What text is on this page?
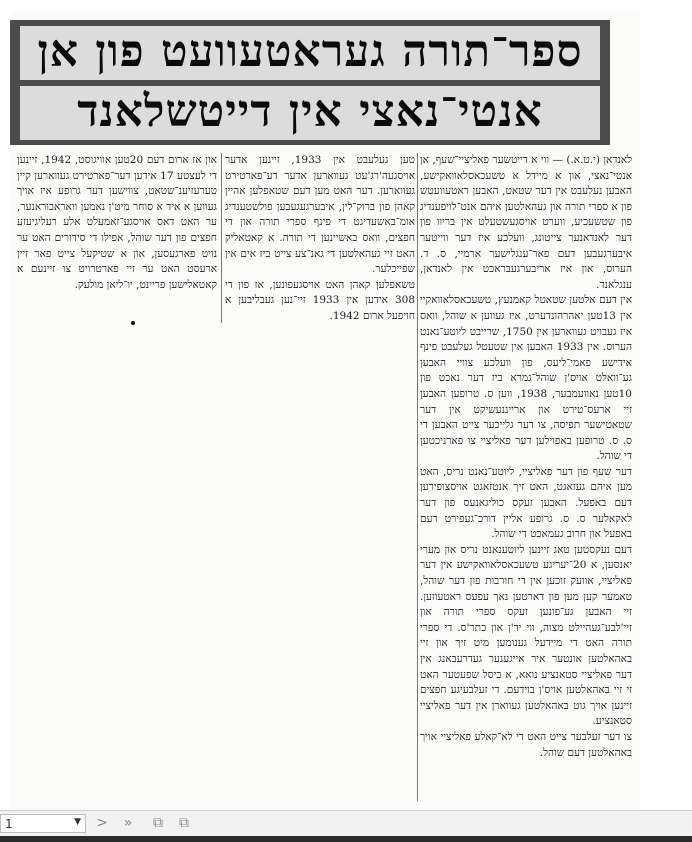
ספר־תורה געראטעוועט פון אן
אנטי־נאצי אין דייטשלאנד

לאנדאן (י.ט.א.) — ווי א דייטשער פאליציי־שעף, אן אנטי־נאצי, און א מיידל א טשעכאסלאוואקישע, האבען נעלעבט אין דער שטאט, האבען ראטעוועטש פון א ספרי תורה און געהאלטען איהם אנט־לויפענדיג פון שטשעכיע, ווערט אויסגעשטעלט אין בריוו פון דער לאנדאנער צייטונג, וועלכע איז דער ווייטער איבערגעבען דעם פאר־ענגלישער ארמיי, ס. ד. הערוס, און איז אריבערגעבראכט אין לאנדאן, ענגלאנד.
אין דעם אלטען שטאטל קאמנעץ, טשעכאסלאוואקיי אין 13טען יאהרהונדערט, איז געווען א שוהל, וואס איז געבויט געווארען אין 1750, שרייבט ליוטע־נאנט הערוס. אין 1933 האבען אין שטעטל געלעבט פינף אידישע פאמי־ליעס, פון וועלכע צוויי האבען גע־וואלט אויס'ן שוהל־גמרא ביז דער נאכט פון 10טען נאוועמבער, 1938, ווען ס. טרופען האבען זיי ארעס־טירט און ארייננעשיקט אין דער שטאטישער תפיסה, צו דער גלייכער צייט האבען די ס. ס. טרופען באפוילען דער פאליציי צו פארניכטען די שוהל.
דער שעף פון דער פאליציי, ליוטע־נאנט נריס, האט מען איהם געזאגט, האט זיך אנטזאגט אויסצופירען דעם באפעל. האבען זעקס כוליגאנעס פון דער לאקאלער ס. ס. גרופע אליין דורכ־געפירט דעם באפעל און חרוב געמאכט די שוהל.
דעם נעקסטען טאג זיינען ליוטענאנט נריס און מערי יאנסען, א 20־יעריגע טשעכאסלאוואקישע אין דער פאליציי, אוועק זוכען אין די חורבות פון דער שוהל, טאמער קען מען פון דארטען נאך עפעס ראטעווען. זיי האבען גע־פונען זעקס ספרי תורה און זיי'לבע־געהיילט מצוה, ווי יד'ן און כתר'ס. די ספרי תורה האט די מיידעל גענומען מיט זיך און זיי באהאלטען אונטער איר אייגענער געדרעבאנג אין דער פאליציי סטאנציע נואא, א ביסל שפעטער האט זי זיי באהאלטען אויס'ן בוידעם. די זעלבעיגע חפצים זיינען אויך גוט באהאלטען געווארן אין דער פאליציי סטאנציע.
צו דער זעלבער צייט האט די לא־קאלע פאליציי אויך באהאלטען דעם שוהל.

טען געלעבט אין 1933, זיינען אדער אויסגעה'רג'עט געווארען אדער דע־פארטירט געווארען. דער האט מען דעם שטאפלען אהיין קאהן פון ברוק־לין, איבערגעגעבען פולשטענדיג אומ־באשעדיגט די פינף ספרי תורה און די חפצים, וואס באשיינען די תורה. א קאטאליק האט זיי געהאלטען די גאנ־צע צייט ביז אים אין שפייכלער.
טשאפלען קאהן האט אויסגעפונען, אז פון די 308 אידען אין 1933 זיי־נען געבליבען א חויפעל ארום 1942.

און אז ארום דעם 20טען אוויגוסט, 1942, זיינען די לעצטע 17 אידען דער־פארטירט געווארען קיין טערעזיענ־שטאט, צווישען דער גרופע איז אויך געווען א איד א סוחר מיט'ן נאמען וואראבוראנער, ער האט דאס אויסגע־זאמעלט אלע רעליגיעזע חפצים פון דער שוהל, אפילו די סידורים האט ער נויט פארגעסען, און א שטיקעל צייט פאר זיין ארעסט האט ער זיי פארטרויט צו זיינעם א קאטאלישען פריינט, יו־ליאן מולעק.

1	▼ >	»	⧉	⧉
